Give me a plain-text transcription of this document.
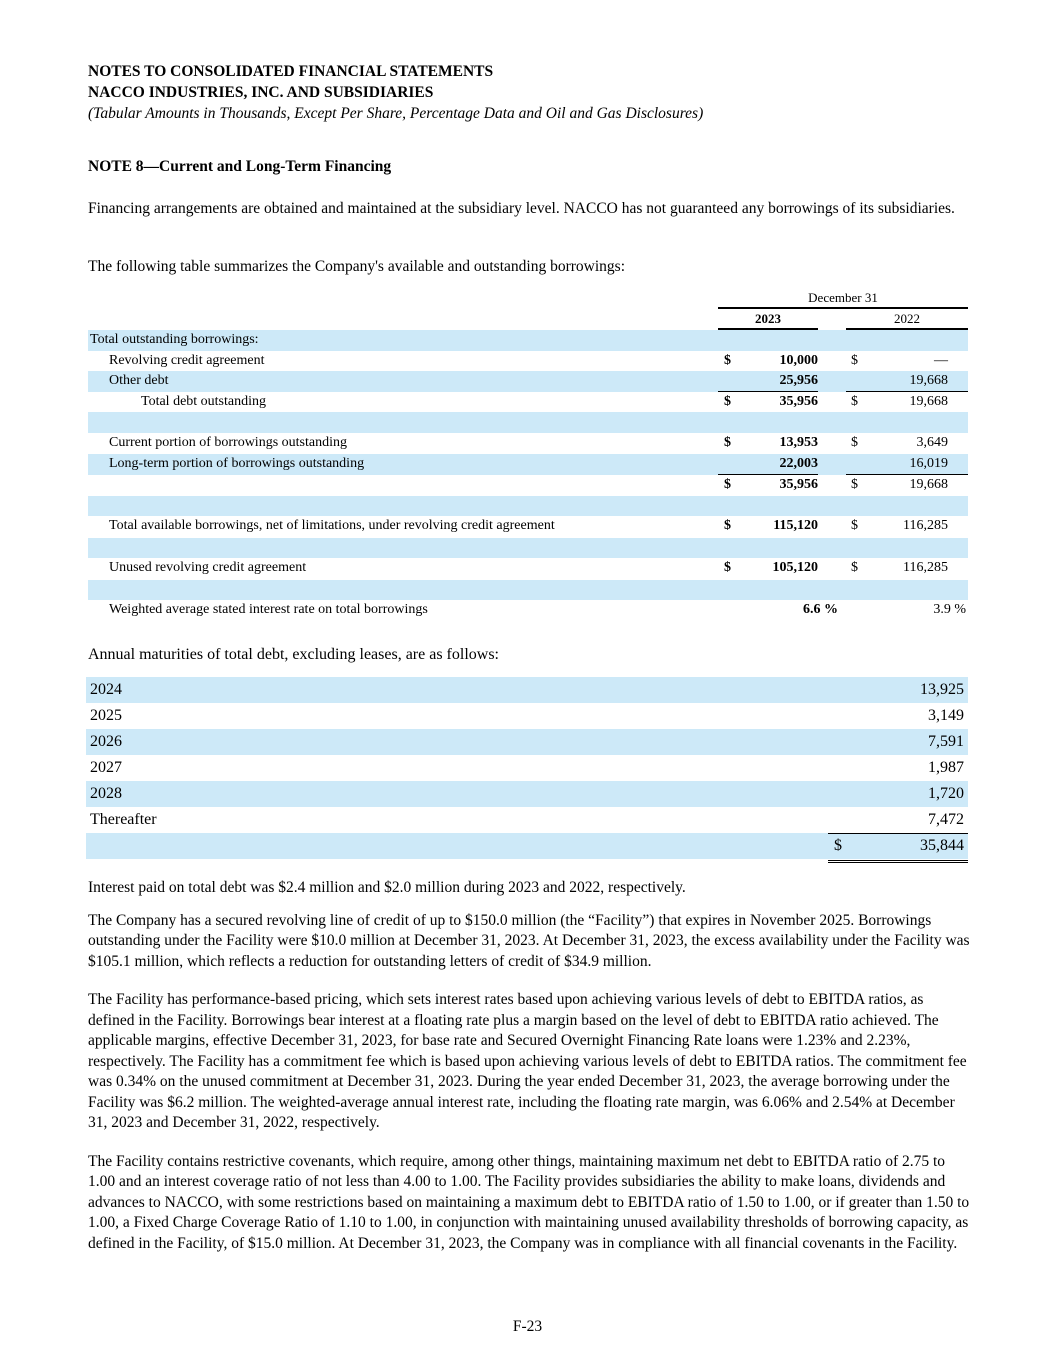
NOTES TO CONSOLIDATED FINANCIAL STATEMENTS
NACCO INDUSTRIES, INC. AND SUBSIDIARIES
(Tabular Amounts in Thousands, Except Per Share, Percentage Data and Oil and Gas Disclosures)
NOTE 8—Current and Long-Term Financing

Financing arrangements are obtained and maintained at the subsidiary level. NACCO has not guaranteed any borrowings of its subsidiaries.

The following table summarizes the Company's available and outstanding borrowings:

December 31
2023	2022
Total outstanding borrowings:
Revolving credit agreement	$	10,000 $	—
Other debt	25,956	19,668
Total debt outstanding	$	35,956 $	19,668
Current portion of borrowings outstanding	$	13,953 $	3,649
Long-term portion of borrowings outstanding	22,003	16,019
$	35,956 $	19,668
Total available borrowings, net of limitations, under revolving credit agreement	$	115,120 $	116,285
Unused revolving credit agreement	$	105,120 $	116,285
Weighted average stated interest rate on total borrowings	6.6 %	3.9 %

Annual maturities of total debt, excluding leases, are as follows:

2024	13,925
2025	3,149
2026	7,591
2027	1,987
2028	1,720
Thereafter	7,472
$	35,844

Interest paid on total debt was $2.4 million and $2.0 million during 2023 and 2022, respectively.

The Company has a secured revolving line of credit of up to $150.0 million (the “Facility”) that expires in November 2025. Borrowings outstanding under the Facility were $10.0 million at December 31, 2023. At December 31, 2023, the excess availability under the Facility was $105.1 million, which reflects a reduction for outstanding letters of credit of $34.9 million.

The Facility has performance-based pricing, which sets interest rates based upon achieving various levels of debt to EBITDA ratios, as defined in the Facility. Borrowings bear interest at a floating rate plus a margin based on the level of debt to EBITDA ratio achieved. The applicable margins, effective December 31, 2023, for base rate and Secured Overnight Financing Rate loans were 1.23% and 2.23%, respectively. The Facility has a commitment fee which is based upon achieving various levels of debt to EBITDA ratios. The commitment fee was 0.34% on the unused commitment at December 31, 2023. During the year ended December 31, 2023, the average borrowing under the Facility was $6.2 million. The weighted-average annual interest rate, including the floating rate margin, was 6.06% and 2.54% at December 31, 2023 and December 31, 2022, respectively.

The Facility contains restrictive covenants, which require, among other things, maintaining maximum net debt to EBITDA ratio of 2.75 to 1.00 and an interest coverage ratio of not less than 4.00 to 1.00. The Facility provides subsidiaries the ability to make loans, dividends and advances to NACCO, with some restrictions based on maintaining a maximum debt to EBITDA ratio of 1.50 to 1.00, or if greater than 1.50 to 1.00, a Fixed Charge Coverage Ratio of 1.10 to 1.00, in conjunction with maintaining unused availability thresholds of borrowing capacity, as defined in the Facility, of $15.0 million. At December 31, 2023, the Company was in compliance with all financial covenants in the Facility.

F-23
